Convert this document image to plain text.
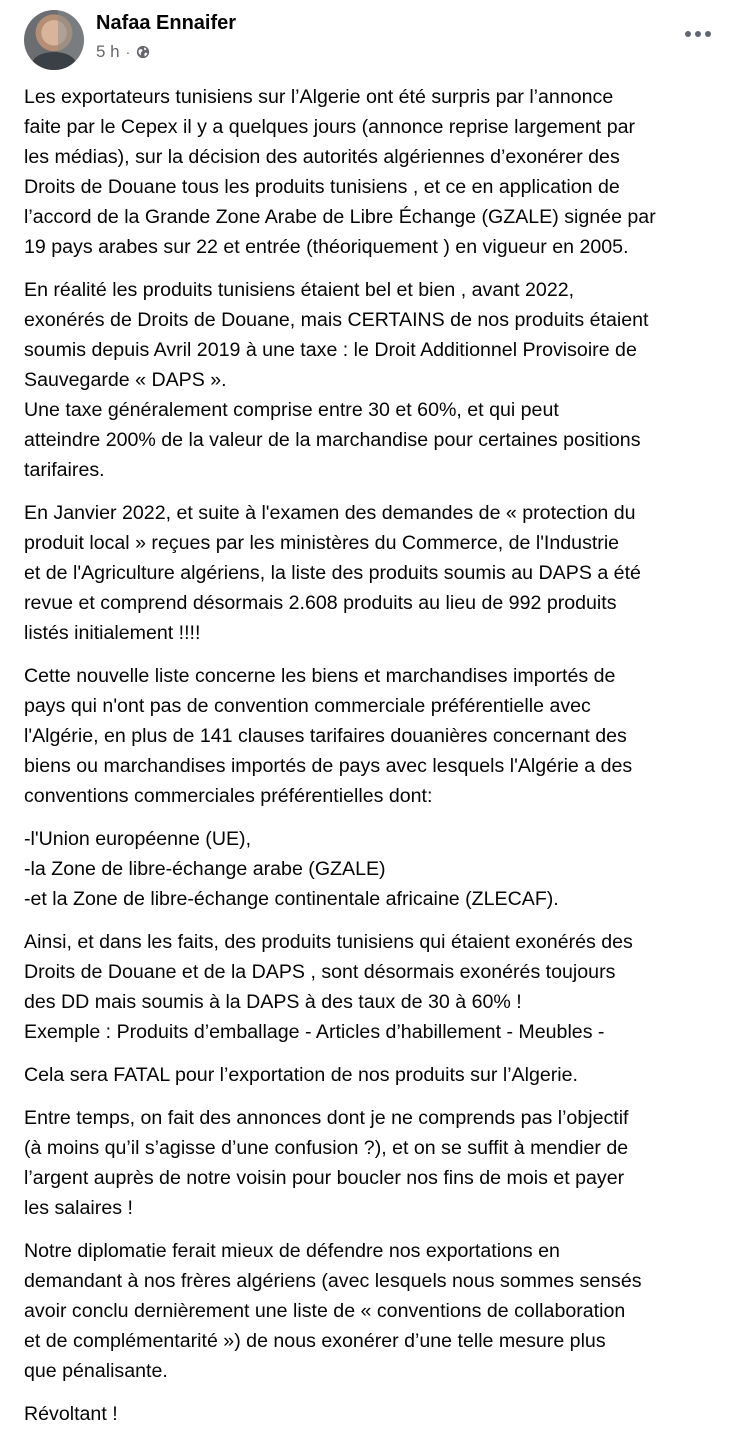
Nafaa Ennaifer
5 h ·

Les exportateurs tunisiens sur l’Algerie ont été surpris par l’annonce
faite par le Cepex il y a quelques jours (annonce reprise largement par
les médias), sur la décision des autorités algériennes d’exonérer des
Droits de Douane tous les produits tunisiens , et ce en application de
l’accord de la Grande Zone Arabe de Libre Échange (GZALE) signée par
19 pays arabes sur 22 et entrée (théoriquement ) en vigueur en 2005.

En réalité les produits tunisiens étaient bel et bien , avant 2022,
exonérés de Droits de Douane, mais CERTAINS de nos produits étaient
soumis depuis Avril 2019 à une taxe : le Droit Additionnel Provisoire de
Sauvegarde « DAPS ».
Une taxe généralement comprise entre 30 et 60%, et qui peut
atteindre 200% de la valeur de la marchandise pour certaines positions
tarifaires.

En Janvier 2022, et suite à l'examen des demandes de « protection du
produit local » reçues par les ministères du Commerce, de l'Industrie
et de l'Agriculture algériens, la liste des produits soumis au DAPS a été
revue et comprend désormais 2.608 produits au lieu de 992 produits
listés initialement !!!!

Cette nouvelle liste concerne les biens et marchandises importés de
pays qui n'ont pas de convention commerciale préférentielle avec
l'Algérie, en plus de 141 clauses tarifaires douanières concernant des
biens ou marchandises importés de pays avec lesquels l'Algérie a des
conventions commerciales préférentielles dont:

-l'Union européenne (UE),
-la Zone de libre-échange arabe (GZALE)
-et la Zone de libre-échange continentale africaine (ZLECAF).

Ainsi, et dans les faits, des produits tunisiens qui étaient exonérés des
Droits de Douane et de la DAPS , sont désormais exonérés toujours
des DD mais soumis à la DAPS à des taux de 30 à 60% !
Exemple : Produits d’emballage - Articles d’habillement - Meubles -

Cela sera FATAL pour l’exportation de nos produits sur l’Algerie.

Entre temps, on fait des annonces dont je ne comprends pas l’objectif
(à moins qu’il s’agisse d’une confusion ?), et on se suffit à mendier de
l’argent auprès de notre voisin pour boucler nos fins de mois et payer
les salaires !

Notre diplomatie ferait mieux de défendre nos exportations en
demandant à nos frères algériens (avec lesquels nous sommes sensés
avoir conclu dernièrement une liste de « conventions de collaboration
et de complémentarité ») de nous exonérer d’une telle mesure plus
que pénalisante.

Révoltant !
